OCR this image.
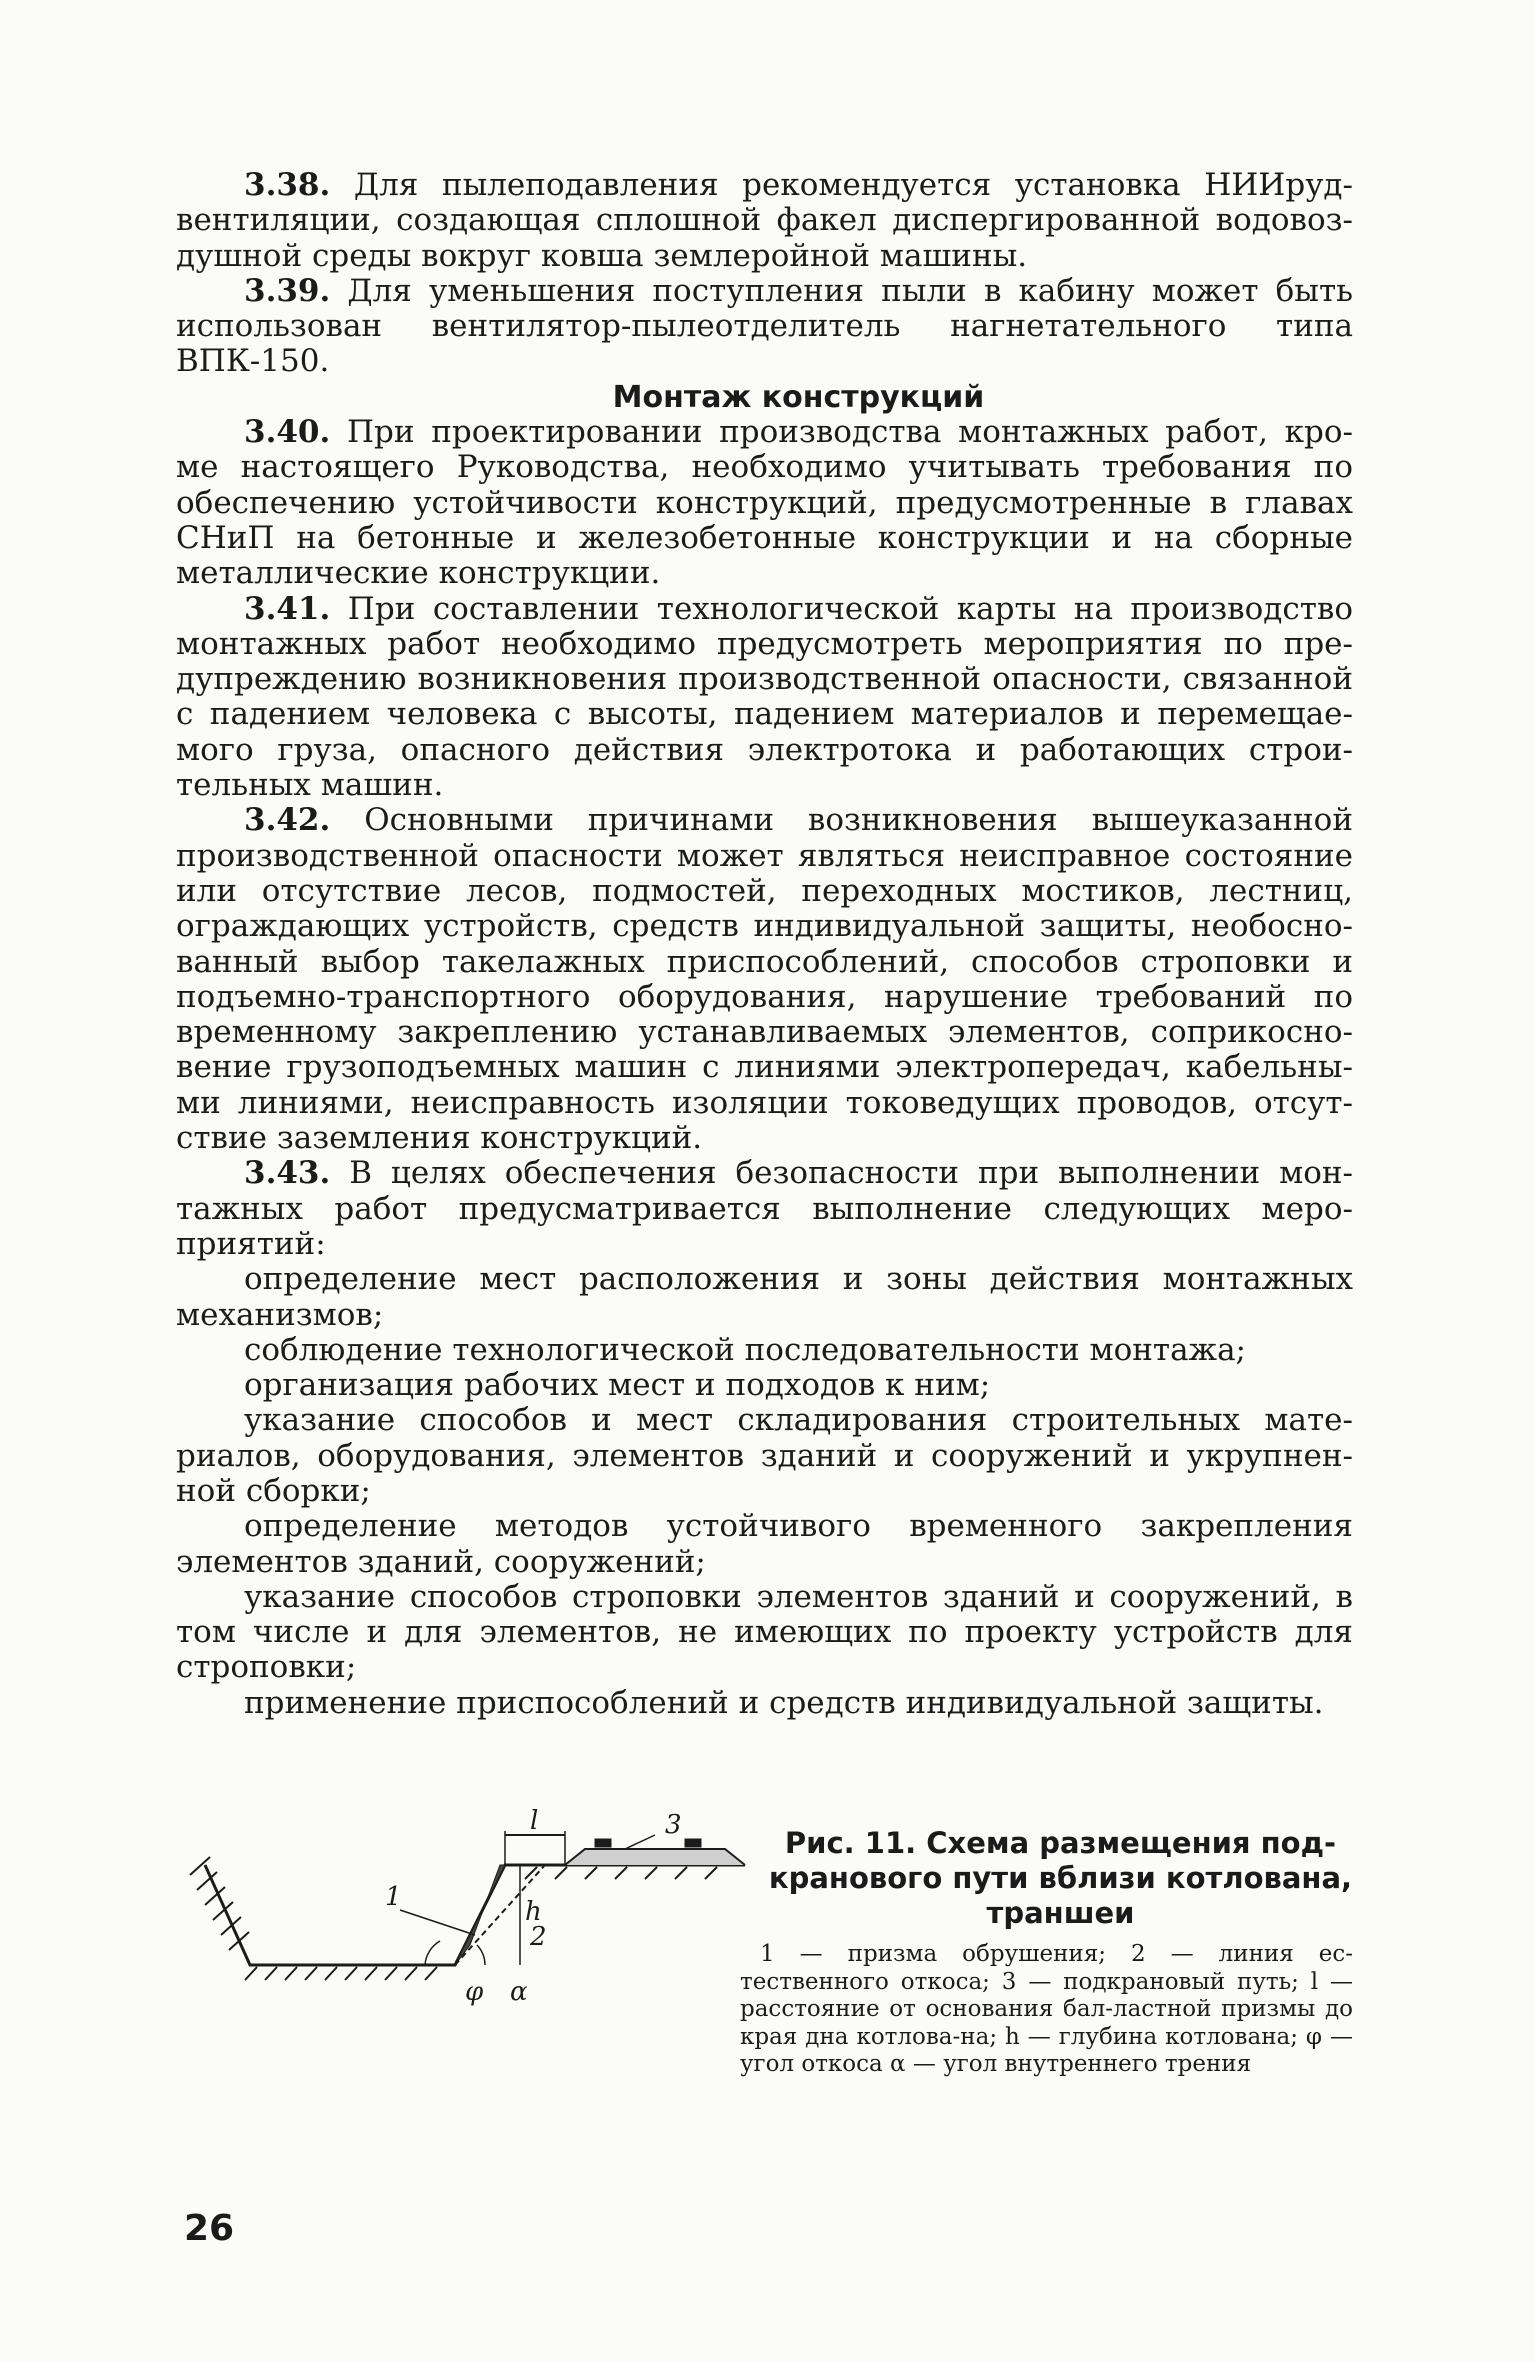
3.38. Для пылеподавления рекомендуется установка НИИруд-вентиляции, создающая сплошной факел диспергированной водовоз-душной среды вокруг ковша землеройной машины.

3.39. Для уменьшения поступления пыли в кабину может быть использован вентилятор-пылеотделитель нагнетательного типа ВПК-150.

Монтаж конструкций

3.40. При проектировании производства монтажных работ, кро-ме настоящего Руководства, необходимо учитывать требования по обеспечению устойчивости конструкций, предусмотренные в главах СНиП на бетонные и железобетонные конструкции и на сборные металлические конструкции.

3.41. При составлении технологической карты на производство монтажных работ необходимо предусмотреть мероприятия по пре-дупреждению возникновения производственной опасности, связанной с падением человека с высоты, падением материалов и перемещае-мого груза, опасного действия электротока и работающих строи-тельных машин.

3.42. Основными причинами возникновения вышеуказанной производственной опасности может являться неисправное состояние или отсутствие лесов, подмостей, переходных мостиков, лестниц, ограждающих устройств, средств индивидуальной защиты, необосно-ванный выбор такелажных приспособлений, способов строповки и подъемно-транспортного оборудования, нарушение требований по временному закреплению устанавливаемых элементов, соприкосно-вение грузоподъемных машин с линиями электропередач, кабельны-ми линиями, неисправность изоляции токоведущих проводов, отсут-ствие заземления конструкций.

3.43. В целях обеспечения безопасности при выполнении мон-тажных работ предусматривается выполнение следующих меро-приятий:

определение мест расположения и зоны действия монтажных механизмов;

соблюдение технологической последовательности монтажа;

организация рабочих мест и подходов к ним;

указание способов и мест складирования строительных мате-риалов, оборудования, элементов зданий и сооружений и укрупнен-ной сборки;

определение методов устойчивого временного закрепления элементов зданий, сооружений;

указание способов строповки элементов зданий и сооружений, в том числе и для элементов, не имеющих по проекту устройств для строповки;

применение приспособлений и средств индивидуальной защиты.

1
2
3
l
h
φ α

Рис. 11. Схема размещения под-кранового пути вблизи котлована, траншеи

1 — призма обрушения; 2 — линия ес-тественного откоса; 3 — подкрановый путь; l — расстояние от основания бал-ластной призмы до края дна котлова-на; h — глубина котлована; φ — угол откоса α — угол внутреннего трения

26
